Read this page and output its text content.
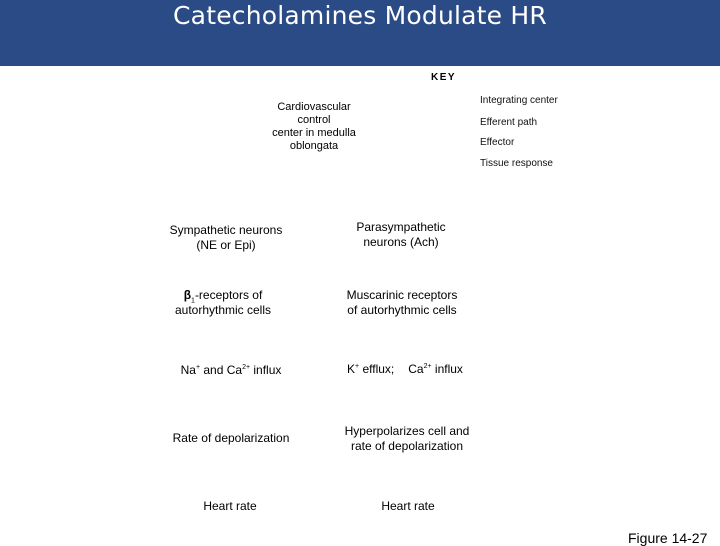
Catecholamines Modulate HR
KEY
Integrating center
Efferent path
Effector
Tissue response
Cardiovascular
control
center in medulla
oblongata
Sympathetic neurons
(NE or Epi)
$\beta_1$-receptors of
autorhythmic cells
Na+ and $Ca^{2+}$ influx
Rate of depolarization
Heart rate
Parasympathetic
neurons (Ach)
Muscarinic receptors
of autorhythmic cells
K+ efflux; $Ca^{2+}$ influx
Hyperpolarizes cell and
rate of depolarization
Heart rate
Figure 14-27
